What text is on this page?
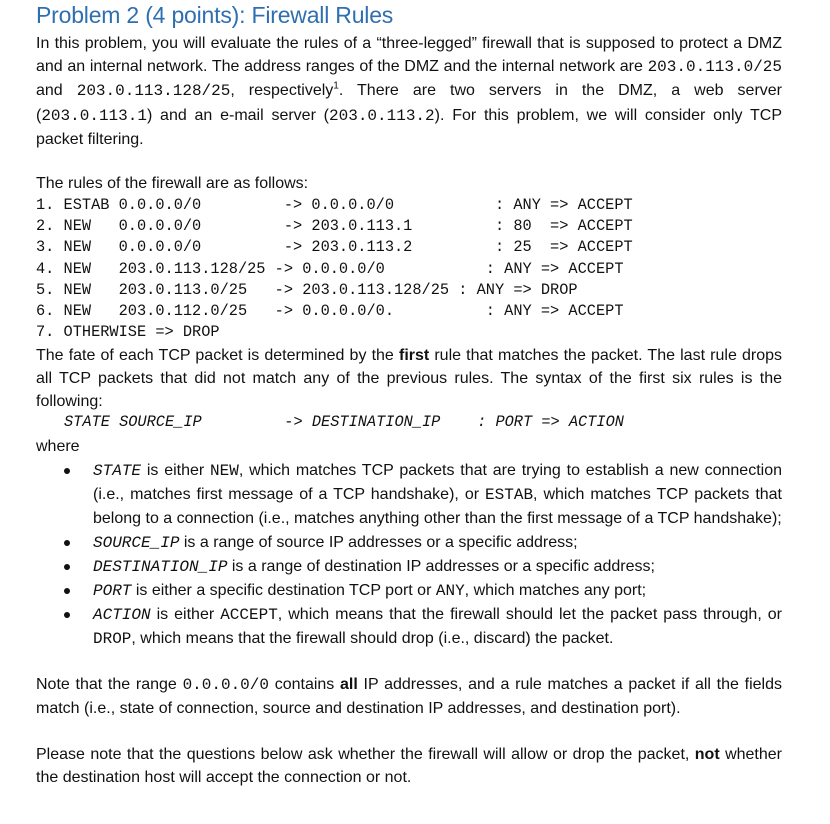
Problem 2 (4 points): Firewall Rules
In this problem, you will evaluate the rules of a “three-legged” firewall that is supposed to protect a DMZ and an internal network. The address ranges of the DMZ and the internal network are 203.0.113.0/25 and 203.0.113.128/25, respectively$^1$. There are two servers in the DMZ, a web server (203.0.113.1) and an e-mail server (203.0.113.2). For this problem, we will consider only TCP packet filtering.
The rules of the firewall are as follows:
1. ESTAB 0.0.0.0/0         -> 0.0.0.0/0           : ANY => ACCEPT
2. NEW   0.0.0.0/0         -> 203.0.113.1         : 80  => ACCEPT
3. NEW   0.0.0.0/0         -> 203.0.113.2         : 25  => ACCEPT
4. NEW   203.0.113.128/25 -> 0.0.0.0/0           : ANY => ACCEPT
5. NEW   203.0.113.0/25   -> 203.0.113.128/25 : ANY => DROP
6. NEW   203.0.112.0/25   -> 0.0.0.0/0.          : ANY => ACCEPT
7. OTHERWISE => DROP
The fate of each TCP packet is determined by the first rule that matches the packet. The last rule drops all TCP packets that did not match any of the previous rules. The syntax of the first six rules is the following:
STATE SOURCE_IP         -> DESTINATION_IP    : PORT => ACTION
where
STATE is either NEW, which matches TCP packets that are trying to establish a new connection (i.e., matches first message of a TCP handshake), or ESTAB, which matches TCP packets that belong to a connection (i.e., matches anything other than the first message of a TCP handshake);
SOURCE_IP is a range of source IP addresses or a specific address;
DESTINATION_IP is a range of destination IP addresses or a specific address;
PORT is either a specific destination TCP port or ANY, which matches any port;
ACTION is either ACCEPT, which means that the firewall should let the packet pass through, or DROP, which means that the firewall should drop (i.e., discard) the packet.
Note that the range 0.0.0.0/0 contains all IP addresses, and a rule matches a packet if all the fields match (i.e., state of connection, source and destination IP addresses, and destination port).
Please note that the questions below ask whether the firewall will allow or drop the packet, not whether the destination host will accept the connection or not.
